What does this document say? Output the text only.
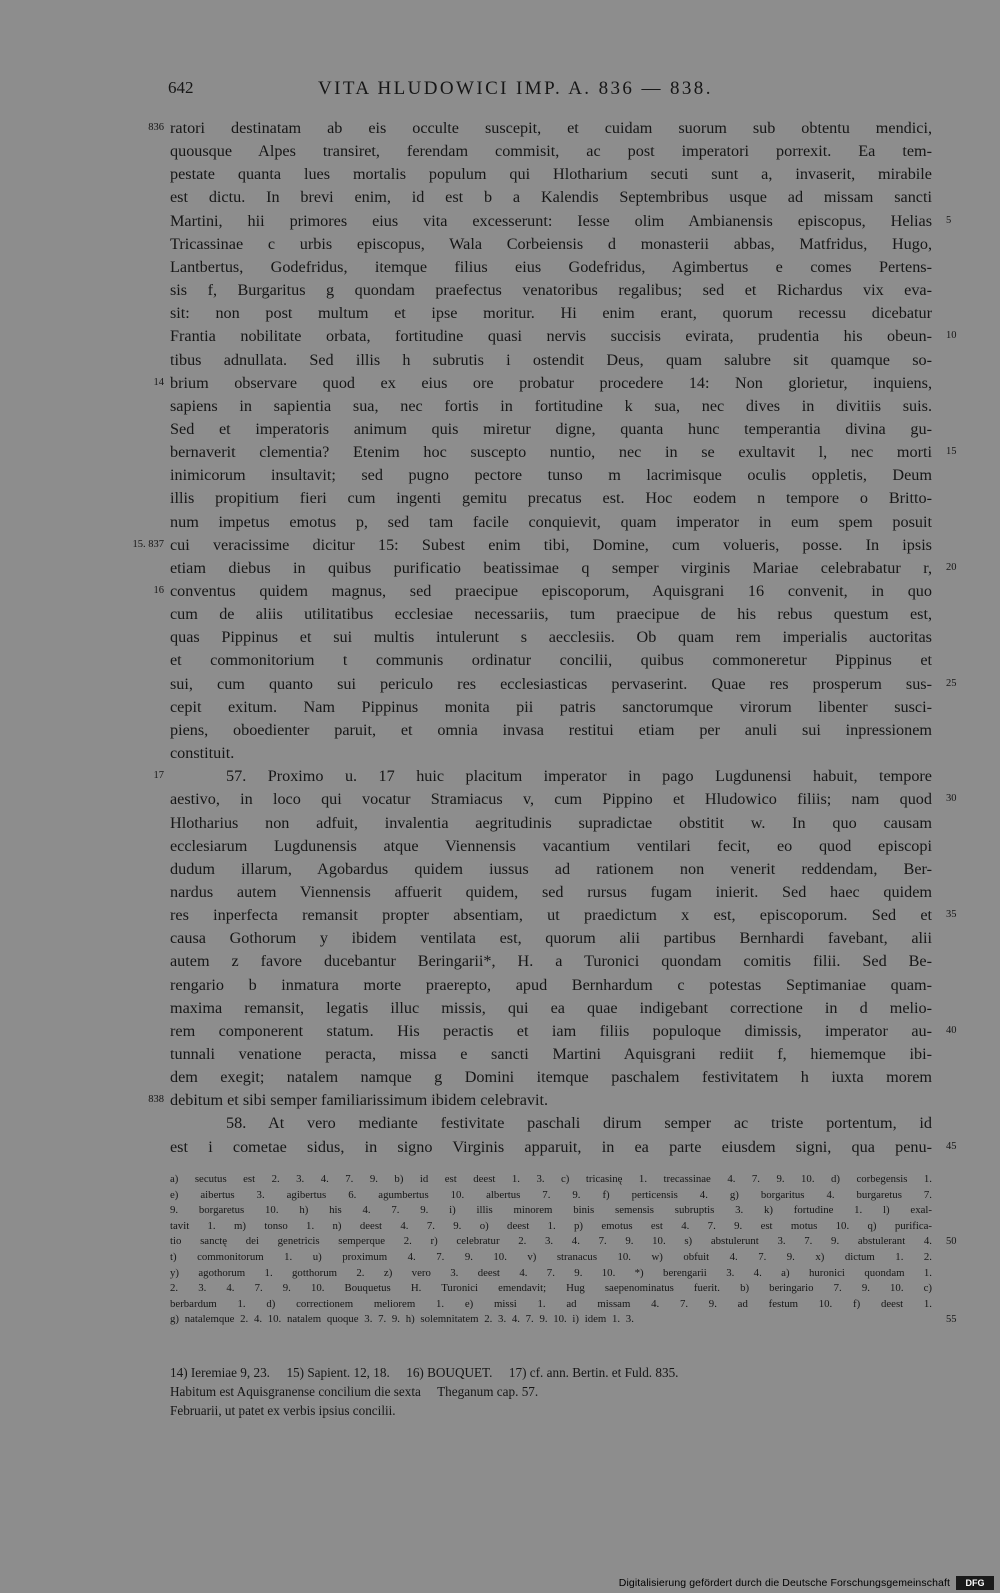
642	VITA HLUDOWICI IMP. A. 836 — 838.
ratori destinatam ab eis occulte suscepit, et cuidam suorum sub obtentu mendici,
836
quousque Alpes transiret, ferendam commisit, ac post imperatori porrexit. Ea tem-
pestate quanta lues mortalis populum qui Hlotharium secuti sunt a, invaserit, mirabile
est dictu. In brevi enim, id est b a Kalendis Septembribus usque ad missam sancti
Martini, hii primores eius vita excesserunt: Iesse olim Ambianensis episcopus, Helias 5
Tricassinae c urbis episcopus, Wala Corbeiensis d monasterii abbas, Matfridus, Hugo,
Lantbertus, Godefridus, itemque filius eius Godefridus, Agimbertus e comes Pertens-
sis f, Burgaritus g quondam praefectus venatoribus regalibus; sed et Richardus vix eva-
sit: non post multum et ipse moritur. Hi enim erant, quorum recessu dicebatur
Frantia nobilitate orbata, fortitudine quasi nervis succisis evirata, prudentia his obeun- 10
tibus adnullata. Sed illis h subrutis i ostendit Deus, quam salubre sit quamque so-
brium observare quod ex eius ore probatur procedere 14: Non glorietur, inquiens,
14
sapiens in sapientia sua, nec fortis in fortitudine k sua, nec dives in divitiis suis.
Sed et imperatoris animum quis miretur digne, quanta hunc temperantia divina gu-
bernaverit clementia? Etenim hoc suscepto nuntio, nec in se exultavit l, nec morti 15
inimicorum insultavit; sed pugno pectore tunso m lacrimisque oculis oppletis, Deum
illis propitium fieri cum ingenti gemitu precatus est. Hoc eodem n tempore o Britto-
num impetus emotus p, sed tam facile conquievit, quam imperator in eum spem posuit
cui veracissime dicitur 15: Subest enim tibi, Domine, cum volueris, posse. In ipsis
15. 837
etiam diebus in quibus purificatio beatissimae q semper virginis Mariae celebrabatur r, 20
conventus quidem magnus, sed praecipue episcoporum, Aquisgrani 16 convenit, in quo
16
cum de aliis utilitatibus ecclesiae necessariis, tum praecipue de his rebus questum est,
quas Pippinus et sui multis intulerunt s aecclesiis. Ob quam rem imperialis auctoritas
et commonitorium t communis ordinatur concilii, quibus commoneretur Pippinus et
sui, cum quanto sui periculo res ecclesiasticas pervaserint. Quae res prosperum sus- 25
cepit exitum. Nam Pippinus monita pii patris sanctorumque virorum libenter susci-
piens, oboedienter paruit, et omnia invasa restitui etiam per anuli sui inpressionem
constituit.
57. Proximo u. 17 huic placitum imperator in pago Lugdunensi habuit, tempore
17
aestivo, in loco qui vocatur Stramiacus v, cum Pippino et Hludowico filiis; nam quod 30
Hlotharius non adfuit, invalentia aegritudinis supradictae obstitit w. In quo causam
ecclesiarum Lugdunensis atque Viennensis vacantium ventilari fecit, eo quod episcopi
dudum illarum, Agobardus quidem iussus ad rationem non venerit reddendam, Ber-
nardus autem Viennensis affuerit quidem, sed rursus fugam inierit. Sed haec quidem
res inperfecta remansit propter absentiam, ut praedictum x est, episcoporum. Sed et 35
causa Gothorum y ibidem ventilata est, quorum alii partibus Bernhardi favebant, alii
autem z favore ducebantur Beringarii*, H. a Turonici quondam comitis filii. Sed Be-
rengario b inmatura morte praerepto, apud Bernhardum c potestas Septimaniae quam-
maxima remansit, legatis illuc missis, qui ea quae indigebant correctione in d melio-
rem componerent statum. His peractis et iam filiis populoque dimissis, imperator au- 40
tunnali venatione peracta, missa e sancti Martini Aquisgrani rediit f, hiememque ibi-
dem exegit; natalem namque g Domini itemque paschalem festivitatem h iuxta morem
debitum et sibi semper familiarissimum ibidem celebravit.
838
58. At vero mediante festivitate paschali dirum semper ac triste portentum, id
est i cometae sidus, in signo Virginis apparuit, in ea parte eiusdem signi, qua penu- 45
a) secutus est 2. 3. 4. 7. 9. b) id est deest 1. 3. c) tricasinę 1. trecassinae 4. 7. 9. 10. d) corbegensis 1.
e) aibertus 3. agibertus 6. agumbertus 10. albertus 7. 9. f) perticensis 4. g) borgaritus 4. burgaretus 7.
9. borgaretus 10. h) his 4. 7. 9. i) illis minorem binis semensis subruptis 3. k) fortudine 1. l) exal-
tavit 1. m) tonso 1. n) deest 4. 7. 9. o) deest 1. p) emotus est 4. 7. 9. est motus 10. q) purifica-
tio sanctę dei genetricis semperque 2. r) celebratur 2. 3. 4. 7. 9. 10. s) abstulerunt 3. 7. 9. abstulerant 4. 50
t) commonitorum 1. u) proximum 4. 7. 9. 10. v) stranacus 10. w) obfuit 4. 7. 9. x) dictum 1. 2.
y) agothorum 1. gotthorum 2. z) vero 3. deest 4. 7. 9. 10. *) berengarii 3. 4. a) huronici quondam 1.
2. 3. 4. 7. 9. 10. Bouquetus H. Turonici emendavit; Hug saepenominatus fuerit. b) beringario 7. 9. 10. c)
berbardum 1. d) correctionem meliorem 1. e) missi 1. ad missam 4. 7. 9. ad festum 10. f) deest 1.
g) natalemque 2. 4. 10. natalem quoque 3. 7. 9. h) solemnitatem 2. 3. 4. 7. 9. 10. i) idem 1. 3.	55
14) Ieremiae 9, 23.     15) Sapient. 12, 18.     16) BOUQUET.     17) cf. ann. Bertin. et Fuld. 835.
Habitum est Aquisgranense concilium die sexta     Theganum cap. 57.
Februarii, ut patet ex verbis ipsius concilii.
Digitalisierung gefördert durch die Deutsche Forschungsgemeinschaft	DFG
